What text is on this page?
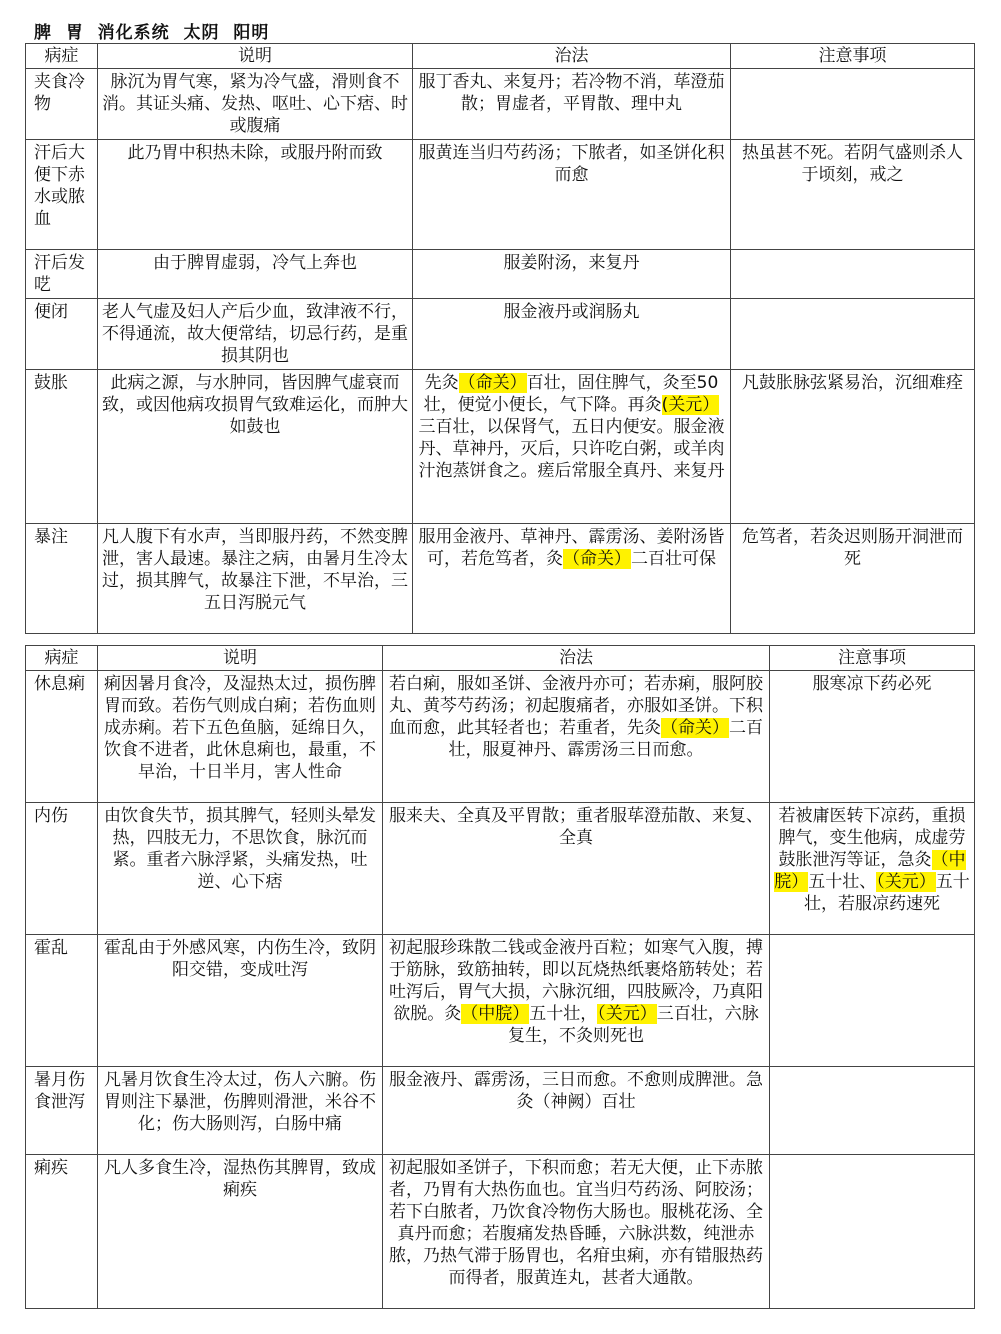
脾  胃  消化系统  太阴  阳明
病症	说明	治法	注意事项
夹食冷物	脉沉为胃气寒，紧为冷气盛，滑则食不消。其证头痛、发热、呕吐、心下痞、时或腹痛	服丁香丸、来复丹；若冷物不消，荜澄茄散；胃虚者，平胃散、理中丸	
汗后大便下赤水或脓血	此乃胃中积热未除，或服丹附而致	服黄连当归芍药汤；下脓者，如圣饼化积而愈	热虽甚不死。若阴气盛则杀人于顷刻，戒之
汗后发呓	由于脾胃虚弱，冷气上奔也	服姜附汤，来复丹	
便闭	老人气虚及妇人产后少血，致津液不行，不得通流，故大便常结，切忌行药，是重损其阴也	服金液丹或润肠丸	
鼓胀	此病之源，与水肿同，皆因脾气虚衰而致，或因他病攻损胃气致难运化，而肿大如鼓也	先灸（命关）百壮，固住脾气，灸至50壮，便觉小便长，气下降。再灸(关元）三百壮，以保肾气，五日内便安。服金液丹、草神丹，灭后，只许吃白粥，或羊肉汁泡蒸饼食之。瘥后常服全真丹、来复丹	凡鼓胀脉弦紧易治，沉细难痊
暴注	凡人腹下有水声，当即服丹药，不然变脾泄，害人最速。暴注之病，由暑月生冷太过，损其脾气，故暴注下泄，不早治，三五日泻脱元气	服用金液丹、草神丹、霹雳汤、姜附汤皆可，若危笃者，灸（命关）二百壮可保	危笃者，若灸迟则肠开洞泄而死
病症	说明	治法	注意事项
休息痢	痢因暑月食冷，及湿热太过，损伤脾胃而致。若伤气则成白痢；若伤血则成赤痢。若下五色鱼脑，延绵日久，饮食不进者，此休息痢也，最重，不早治，十日半月，害人性命	若白痢，服如圣饼、金液丹亦可；若赤痢，服阿胶丸、黄芩芍药汤；初起腹痛者，亦服如圣饼。下积血而愈，此其轻者也；若重者，先灸（命关）二百壮，服夏神丹、霹雳汤三日而愈。	服寒凉下药必死
内伤	由饮食失节，损其脾气，轻则头晕发热，四肢无力，不思饮食，脉沉而紧。重者六脉浮紧，头痛发热，吐逆、心下痞	服来夫、全真及平胃散；重者服荜澄茄散、来复、全真	若被庸医转下凉药，重损脾气，变生他病，成虚劳鼓胀泄泻等证，急灸（中脘）五十壮、（关元）五十壮，若服凉药速死
霍乱	霍乱由于外感风寒，内伤生冷，致阴阳交错，变成吐泻	初起服珍珠散二钱或金液丹百粒；如寒气入腹，搏于筋脉，致筋抽转，即以瓦烧热纸裹烙筋转处；若吐泻后，胃气大损，六脉沉细，四肢厥冷，乃真阳欲脱。灸（中脘）五十壮，（关元）三百壮，六脉复生，不灸则死也	
暑月伤食泄泻	凡暑月饮食生冷太过，伤人六腑。伤胃则注下暴泄，伤脾则滑泄，米谷不化；伤大肠则泻，白肠中痛	服金液丹、霹雳汤，三日而愈。不愈则成脾泄。急灸（神阙）百壮	
痢疾	凡人多食生冷，湿热伤其脾胃，致成痢疾	初起服如圣饼子，下积而愈；若无大便，止下赤脓者，乃胃有大热伤血也。宜当归芍药汤、阿胶汤；若下白脓者，乃饮食冷物伤大肠也。服桃花汤、全真丹而愈；若腹痛发热昏睡，六脉洪数，纯泄赤脓，乃热气滞于肠胃也，名疳虫痢，亦有错服热药而得者，服黄连丸，甚者大通散。	
